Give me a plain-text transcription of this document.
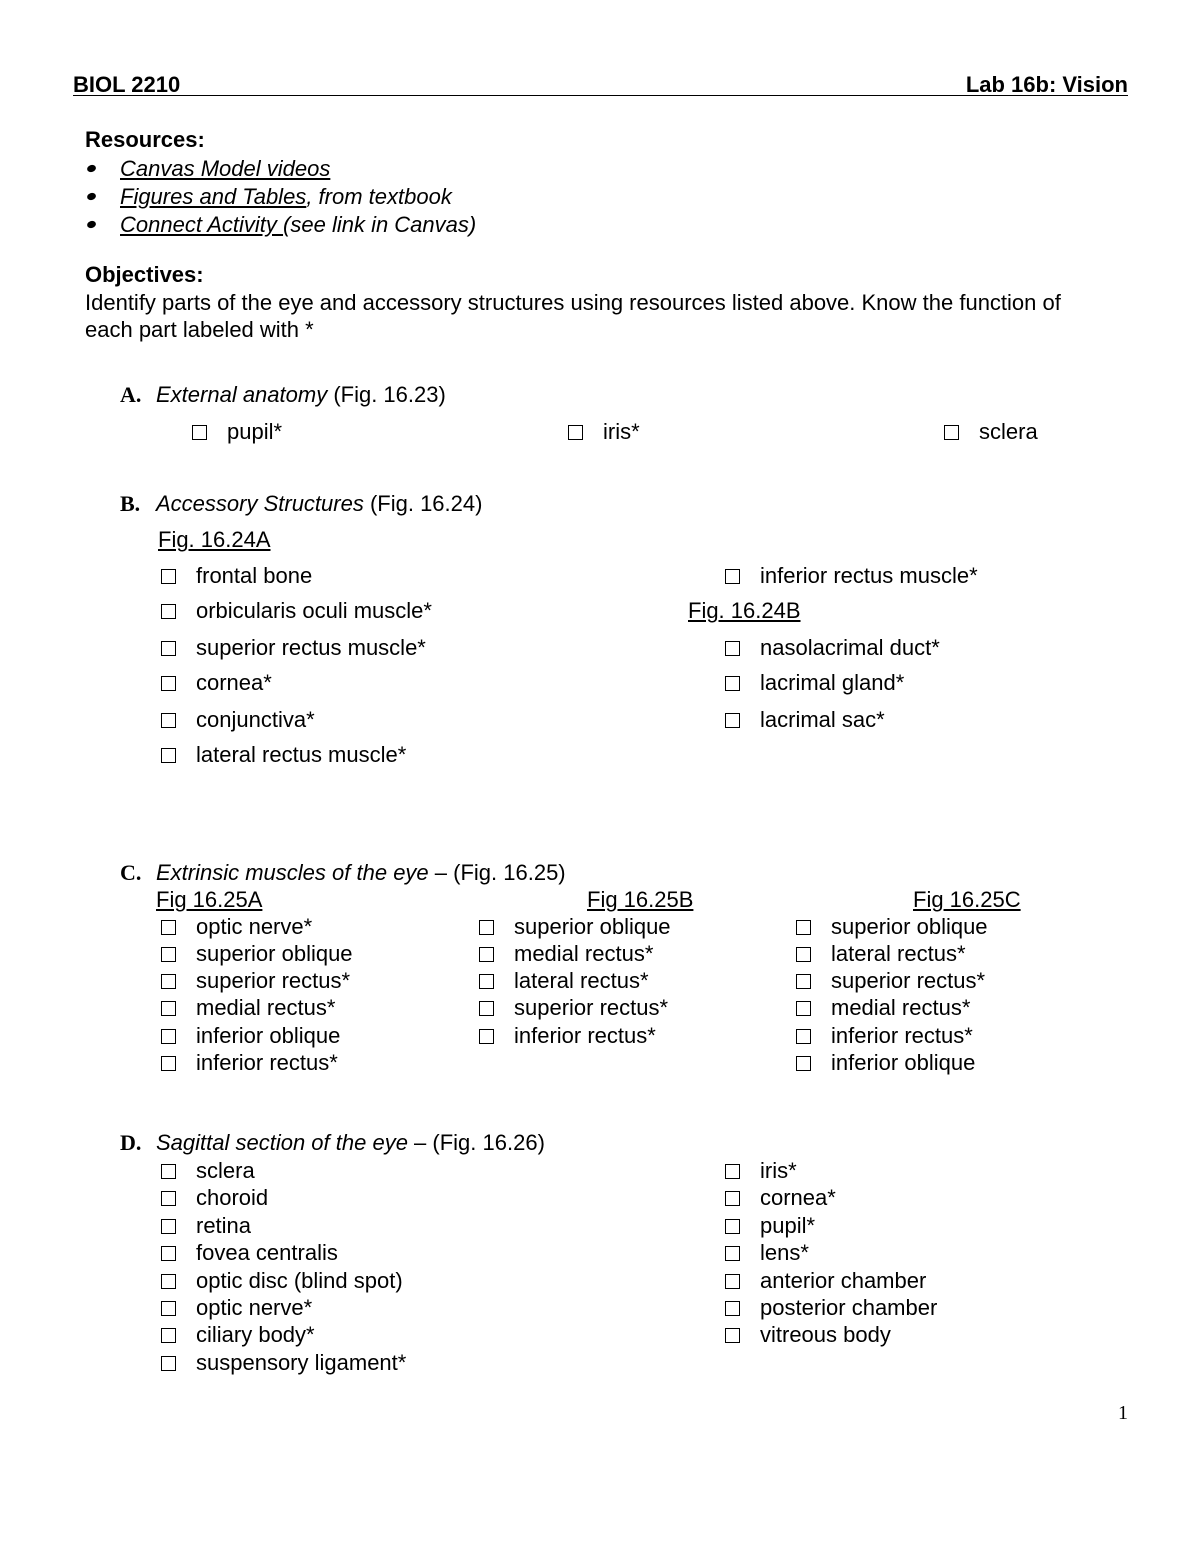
BIOL 2210	Lab 16b: Vision
Resources:
Canvas Model videos
Figures and Tables, from textbook
Connect Activity (see link in Canvas)
Objectives:
Identify parts of the eye and accessory structures using resources listed above. Know the function of
each part labeled with *
A. External anatomy (Fig. 16.23)
pupil*	iris*	sclera
B. Accessory Structures (Fig. 16.24)
Fig. 16.24A
frontal bone
orbicularis oculi muscle*
superior rectus muscle*
cornea*
conjunctiva*
lateral rectus muscle*
inferior rectus muscle*
Fig. 16.24B
nasolacrimal duct*
lacrimal gland*
lacrimal sac*
C. Extrinsic muscles of the eye – (Fig. 16.25)
Fig 16.25A	Fig 16.25B	Fig 16.25C
optic nerve*
superior oblique
superior rectus*
medial rectus*
inferior oblique
inferior rectus*
superior oblique
medial rectus*
lateral rectus*
superior rectus*
inferior rectus*
superior oblique
lateral rectus*
superior rectus*
medial rectus*
inferior rectus*
inferior oblique
D. Sagittal section of the eye – (Fig. 16.26)
sclera
choroid
retina
fovea centralis
optic disc (blind spot)
optic nerve*
ciliary body*
suspensory ligament*
iris*
cornea*
pupil*
lens*
anterior chamber
posterior chamber
vitreous body
1
